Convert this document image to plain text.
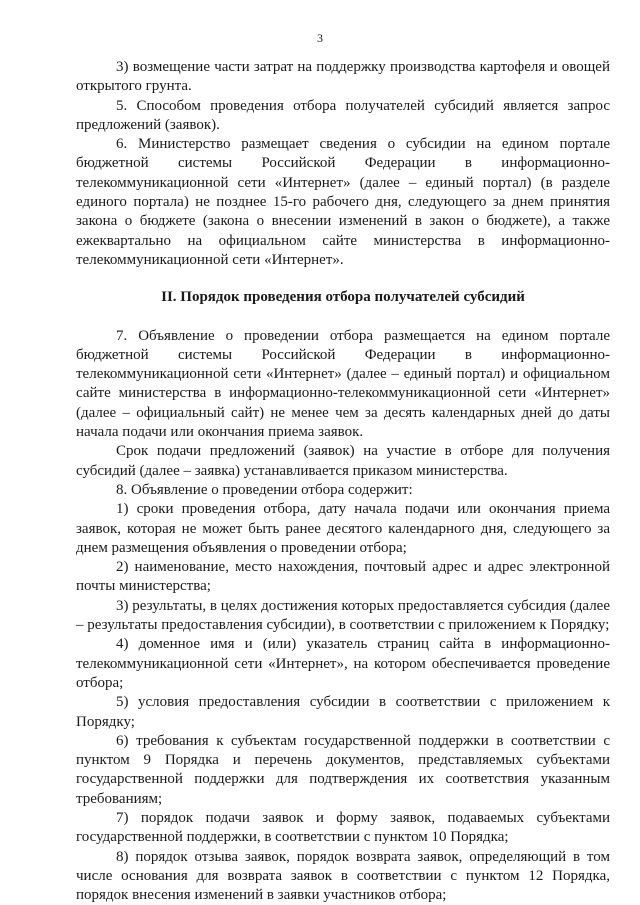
3

3) возмещение части затрат на поддержку производства картофеля и овощей открытого грунта.

5. Способом проведения отбора получателей субсидий является запрос предложений (заявок).

6. Министерство размещает сведения о субсидии на едином портале бюджетной системы Российской Федерации в информационно-телекоммуникационной сети «Интернет» (далее – единый портал) (в разделе единого портала) не позднее 15-го рабочего дня, следующего за днем принятия закона о бюджете (закона о внесении изменений в закон о бюджете), а также ежеквартально на официальном сайте министерства в информационно-телекоммуникационной сети «Интернет».

II. Порядок проведения отбора получателей субсидий

7. Объявление о проведении отбора размещается на едином портале бюджетной системы Российской Федерации в информационно-телекоммуникационной сети «Интернет» (далее – единый портал) и официальном сайте министерства в информационно-телекоммуникационной сети «Интернет» (далее – официальный сайт) не менее чем за десять календарных дней до даты начала подачи или окончания приема заявок.

Срок подачи предложений (заявок) на участие в отборе для получения субсидий (далее – заявка) устанавливается приказом министерства.

8. Объявление о проведении отбора содержит:

1) сроки проведения отбора, дату начала подачи или окончания приема заявок, которая не может быть ранее десятого календарного дня, следующего за днем размещения объявления о проведении отбора;

2) наименование, место нахождения, почтовый адрес и адрес электронной почты министерства;

3) результаты, в целях достижения которых предоставляется субсидия (далее – результаты предоставления субсидии), в соответствии с приложением к Порядку;

4) доменное имя и (или) указатель страниц сайта в информационно-телекоммуникационной сети «Интернет», на котором обеспечивается проведение отбора;

5) условия предоставления субсидии в соответствии с приложением к Порядку;

6) требования к субъектам государственной поддержки в соответствии с пунктом 9 Порядка и перечень документов, представляемых субъектами государственной поддержки для подтверждения их соответствия указанным требованиям;

7) порядок подачи заявок и форму заявок, подаваемых субъектами государственной поддержки, в соответствии с пунктом 10 Порядка;

8) порядок отзыва заявок, порядок возврата заявок, определяющий в том числе основания для возврата заявок в соответствии с пунктом 12 Порядка, порядок внесения изменений в заявки участников отбора;
